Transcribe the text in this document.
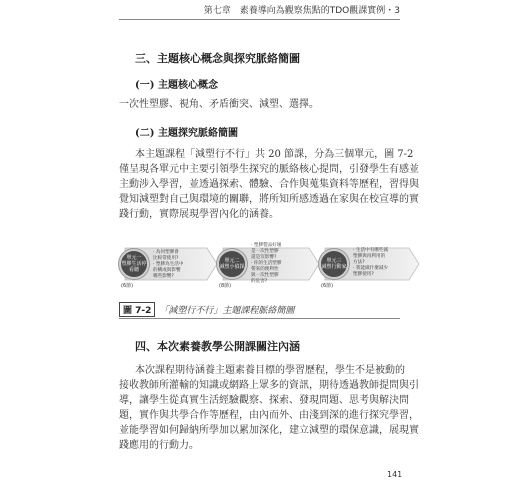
第七章　素養導向為觀察焦點的TDO觀課實例・3
三、主題核心概念與探究脈絡簡圖
(一) 主題核心概念
一次性塑膠、視角、矛盾衝突、減塑、選擇。
(二) 主題探究脈絡簡圖
本主題課程「減塑行不行」共 20 節課，分為三個單元，圖 7-2
僅呈現各單元中主要引領學生探究的脈絡核心提問，引發學生有感並
主動涉入學習，並透過探索、體驗、合作與蒐集資料等歷程，習得與
覺知減塑對自己與環境的關聯，將所知所感透過在家與在校宣導的實
踐行動，實際展現學習內化的涵養。
單元一
塑膠生活停看聽
(6節)
‧ 為何塑膠會
比較常使用?
‧ 塑膠為生活中
的構成與影響
哪些影響?
單元二
減塑小偵探
(8節)
‧ 塑膠製品好壞
是一次性塑膠
還是沒影響?
‧ 你的生活塑膠
帶來的便利性
與一次性塑膠
的危害?
單元三
減塑行動家
(6節)
‧ 生活中有哪些減
塑膠與再利用的
方法?
‧ 我能做什麼減少
塑膠使用?
圖 7-2 「減塑行不行」主題課程脈絡簡圖
四、本次素養教學公開課關注內涵
本次課程期待涵養主題素養目標的學習歷程，學生不是被動的
接收教師所灌輸的知識或網路上眾多的資訊，期待透過教師提問與引
導，讓學生從真實生活經驗觀察、探索、發現問題、思考與解決問
題，實作與共學合作等歷程，由內而外、由淺到深的進行探究學習，
並能學習如何歸納所學加以累加深化，建立減塑的環保意識，展現實
踐應用的行動力。
141
